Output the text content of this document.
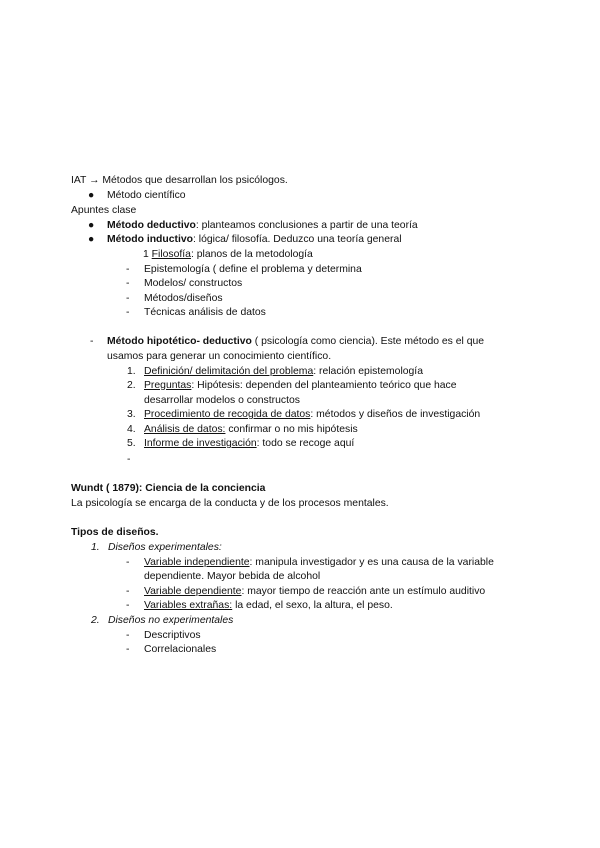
IAT → Métodos que desarrollan los psicólogos.
● Método científico
Apuntes clase
● Método deductivo: planteamos conclusiones a partir de una teoría
● Método inductivo: lógica/ filosofía. Deduzco una teoría general
1 Filosofía: planos de la metodología
- Epistemología ( define el problema y determina
- Modelos/ constructos
- Métodos/diseños
- Técnicas análisis de datos
- Método hipotético- deductivo ( psicología como ciencia). Este método es el que
usamos para generar un conocimiento científico.
1. Definición/ delimitación del problema: relación epistemología
2. Preguntas: Hipótesis: dependen del planteamiento teórico que hace
desarrollar modelos o constructos
3. Procedimiento de recogida de datos: métodos y diseños de investigación
4. Análisis de datos: confirmar o no mis hipótesis
5. Informe de investigación: todo se recoge aquí
-
Wundt ( 1879): Ciencia de la conciencia
La psicología se encarga de la conducta y de los procesos mentales.
Tipos de diseños.
1. Diseños experimentales:
- Variable independiente: manipula investigador y es una causa de la variable
dependiente. Mayor bebida de alcohol
- Variable dependiente: mayor tiempo de reacción ante un estímulo auditivo
- Variables extrañas: la edad, el sexo, la altura, el peso.
2. Diseños no experimentales
- Descriptivos
- Correlacionales
